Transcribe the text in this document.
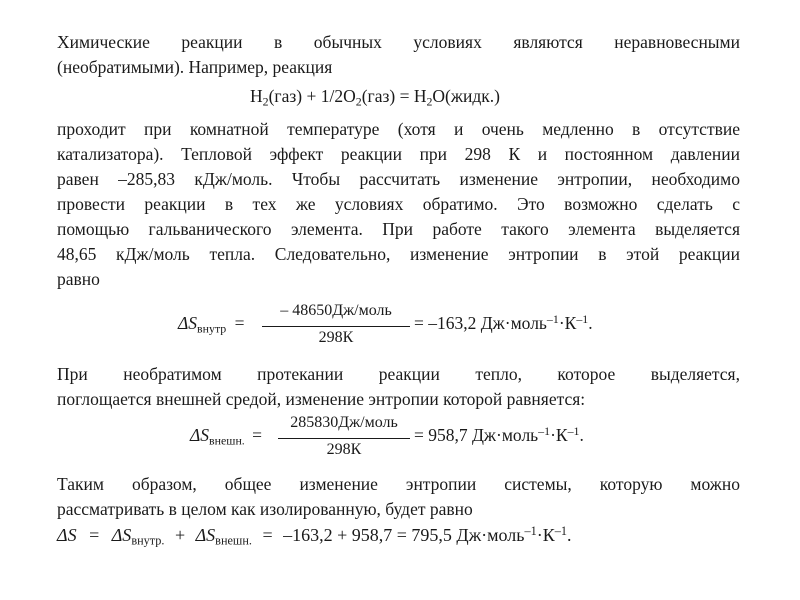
Химические реакции в обычных условиях являются неравновесными
(необратимыми). Например, реакция
$H_2(газ) + 1/2O_2(газ)$ = $H_2O(жидк.)$
проходит при комнатной температуре (хотя и очень медленно в отсутствие
катализатора). Тепловой эффект реакции при 298 К и постоянном давлении
равен –285,83 кДж/моль. Чтобы рассчитать изменение энтропии, необходимо
провести реакции в тех же условиях обратимо. Это возможно сделать с
помощью гальванического элемента. При работе такого элемента выделяется
48,65 кДж/моль тепла. Следовательно, изменение энтропии в этой реакции
равно
$\Delta S_{внутр}$ =
– 48650Дж/моль
298К
= –163,2 $Дж\cdot моль^{-1}\cdot К^{-1}$.
При необратимом протекании реакции тепло, которое выделяется,
поглощается внешней средой, изменение энтропии которой равняется:
$\Delta S_{внешн.}$ =
285830Дж/моль
298К
= 958,7 $Дж\cdot моль^{-1}\cdot К^{-1}$.
Таким образом, общее изменение энтропии системы, которую можно
рассматривать в целом как изолированную, будет равно
$\Delta S = \Delta S_{внутр.} + \Delta S_{внешн.} = -163,2 + 958,7 = 795,5$ $Дж\cdot моль^{-1}\cdot К^{-1}$.
